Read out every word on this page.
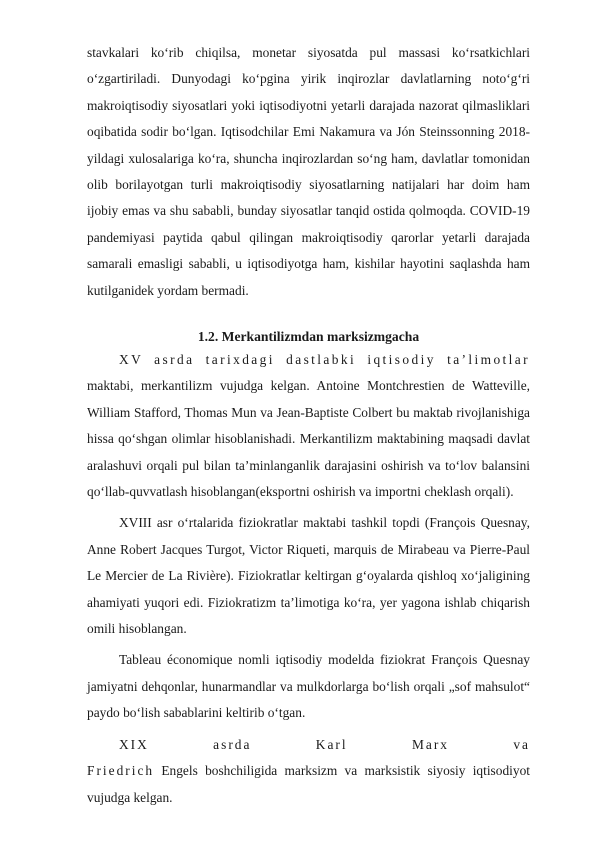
stavkalari ko‘rib chiqilsa, monetar siyosatda pul massasi ko‘rsatkichlari o‘zgartiriladi. Dunyodagi ko‘pgina yirik inqirozlar davlatlarning noto‘g‘ri makroiqtisodiy siyosatlari yoki iqtisodiyotni yetarli darajada nazorat qilmasliklari oqibatida sodir bo‘lgan. Iqtisodchilar Emi Nakamura va Jón Steinssonning 2018-yildagi xulosalariga ko‘ra, shuncha inqirozlardan so‘ng ham, davlatlar tomonidan olib borilayotgan turli makroiqtisodiy siyosatlarning natijalari har doim ham ijobiy emas va shu sababli, bunday siyosatlar tanqid ostida qolmoqda. COVID-19 pandemiyasi paytida qabul qilingan makroiqtisodiy qarorlar yetarli darajada samarali emasligi sababli, u iqtisodiyotga ham, kishilar hayotini saqlashda ham kutilganidek yordam bermadi.

1.2. Merkantilizmdan marksizmgacha

XV asrda tarixdagi dastlabki iqtisodiy ta’limotlar maktabi, merkantilizm vujudga kelgan. Antoine Montchrestien de Watteville, William Stafford, Thomas Mun va Jean-Baptiste Colbert bu maktab rivojlanishiga hissa qo‘shgan olimlar hisoblanishadi. Merkantilizm maktabining maqsadi davlat aralashuvi orqali pul bilan ta’minlanganlik darajasini oshirish va to‘lov balansini qo‘llab-quvvatlash hisoblangan(eksportni oshirish va importni cheklash orqali).

XVIII asr o‘rtalarida fiziokratlar maktabi tashkil topdi (François Quesnay, Anne Robert Jacques Turgot, Victor Riqueti, marquis de Mirabeau va Pierre-Paul Le Mercier de La Rivière). Fiziokratlar keltirgan g‘oyalarda qishloq xo‘jaligining ahamiyati yuqori edi. Fiziokratizm ta’limotiga ko‘ra, yer yagona ishlab chiqarish omili hisoblangan.

Tableau économique nomli iqtisodiy modelda fiziokrat François Quesnay jamiyatni dehqonlar, hunarmandlar va mulkdorlarga bo‘lish orqali „sof mahsulot“ paydo bo‘lish sabablarini keltirib o‘tgan.

XIX asrda Karl Marx va Friedrich Engels boshchiligida marksizm va marksistik siyosiy iqtisodiyot vujudga kelgan.
